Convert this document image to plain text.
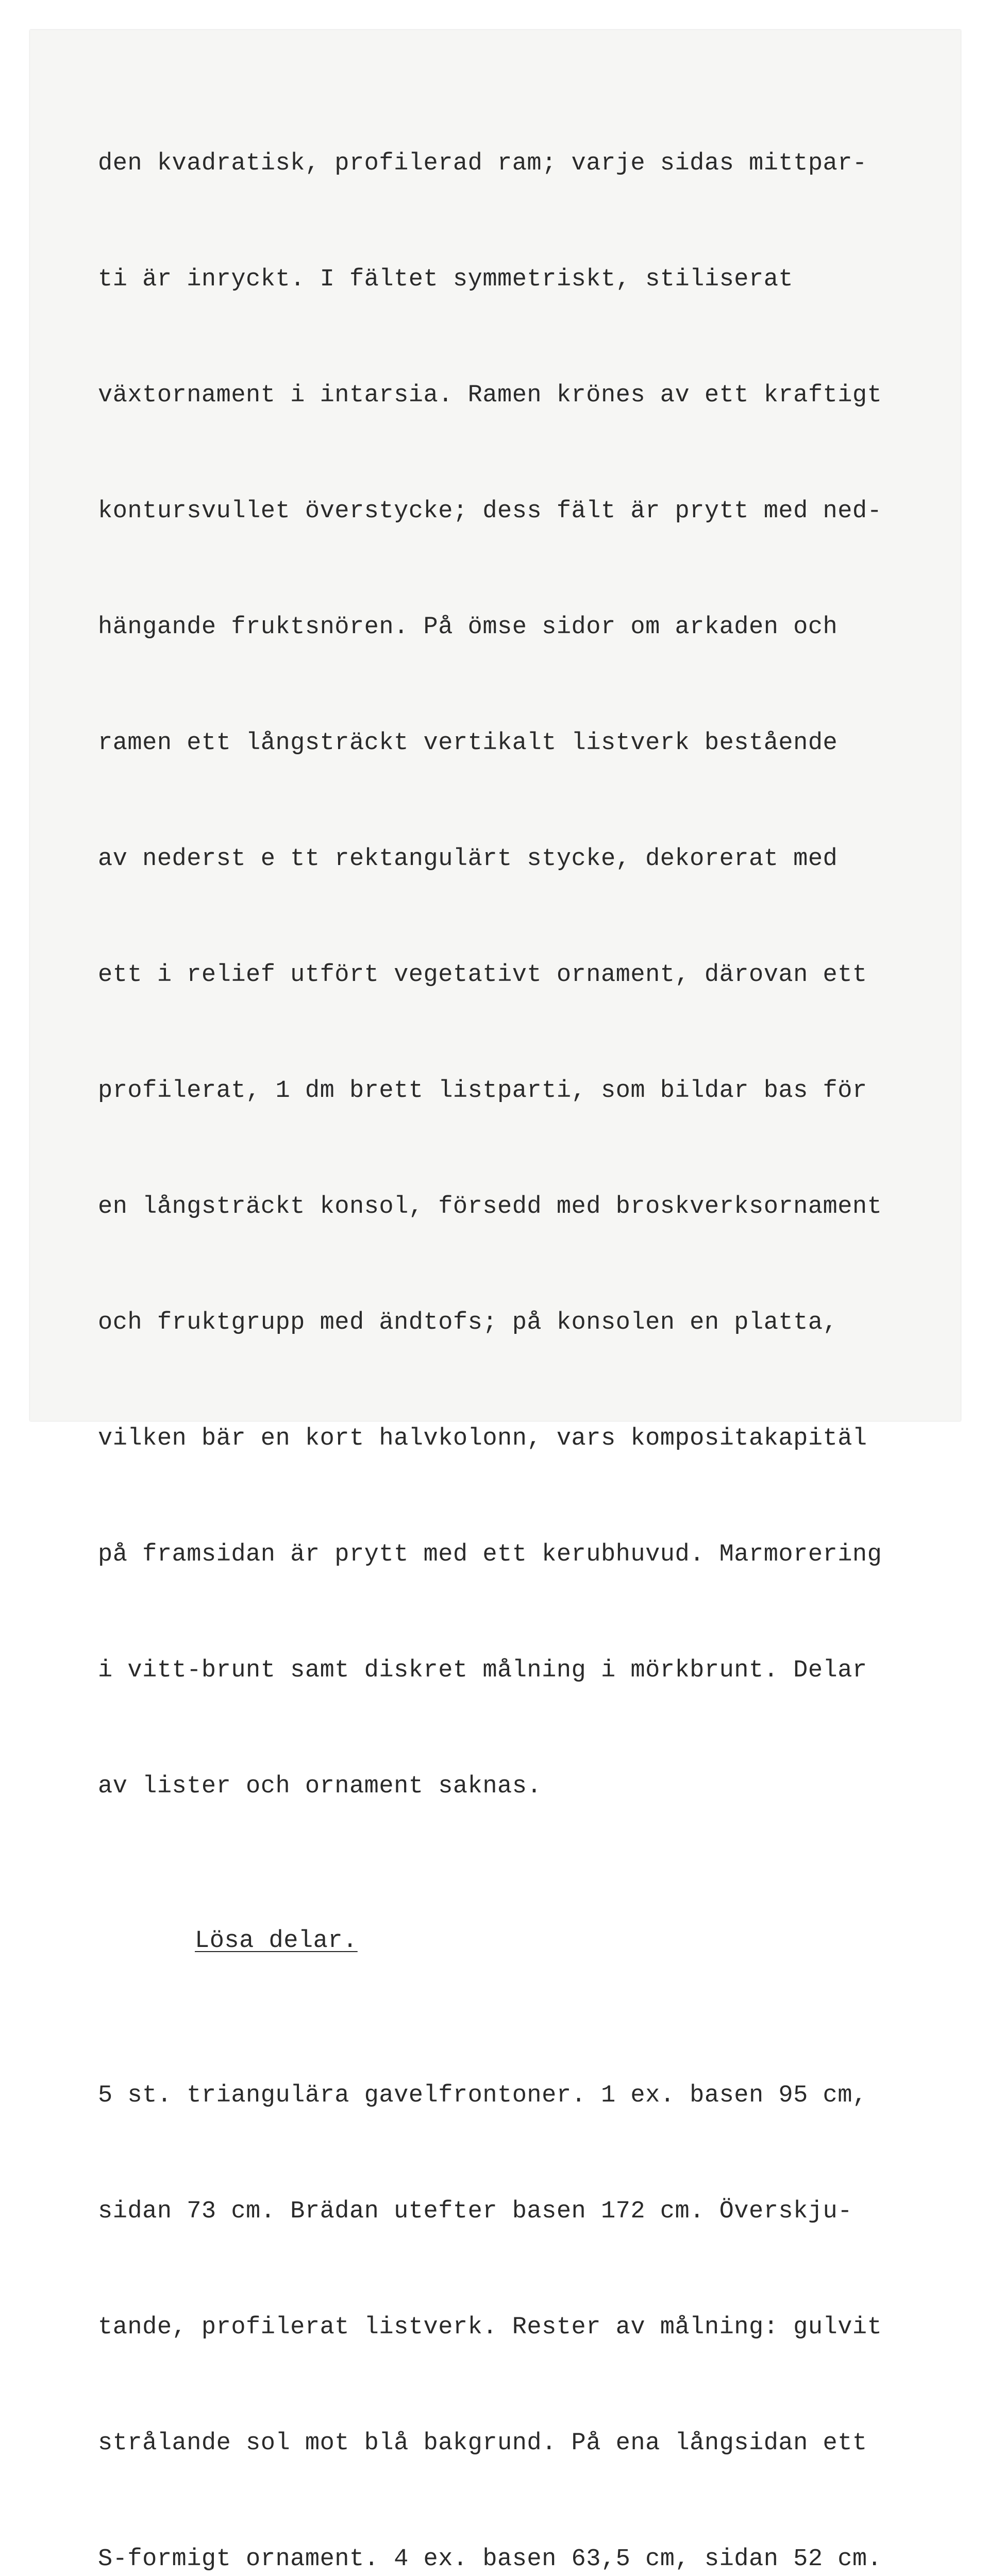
den kvadratisk, profilerad ram; varje sidas mittpar-

ti är inryckt. I fältet symmetriskt, stiliserat

växtornament i intarsia. Ramen krönes av ett kraftigt

kontursvullet överstycke; dess fält är prytt med ned-

hängande fruktsnören. På ömse sidor om arkaden och

ramen ett långsträckt vertikalt listverk bestående

av nederst e tt rektangulärt stycke, dekorerat med

ett i relief utfört vegetativt ornament, därovan ett

profilerat, 1 dm brett listparti, som bildar bas för

en långsträckt konsol, försedd med broskverksornament

och fruktgrupp med ändtofs; på konsolen en platta,

vilken bär en kort halvkolonn, vars kompositakapitäl

på framsidan är prytt med ett kerubhuvud. Marmorering

i vitt-brunt samt diskret målning i mörkbrunt. Delar

av lister och ornament saknas.

Lösa delar.

5 st. triangulära gavelfrontoner. 1 ex. basen 95 cm,

sidan 73 cm. Brädan utefter basen 172 cm. Överskju-

tande, profilerat listverk. Rester av målning: gulvit

strålande sol mot blå bakgrund. På ena långsidan ett

S-formigt ornament. 4 ex. basen 63,5 cm, sidan 52 cm.
